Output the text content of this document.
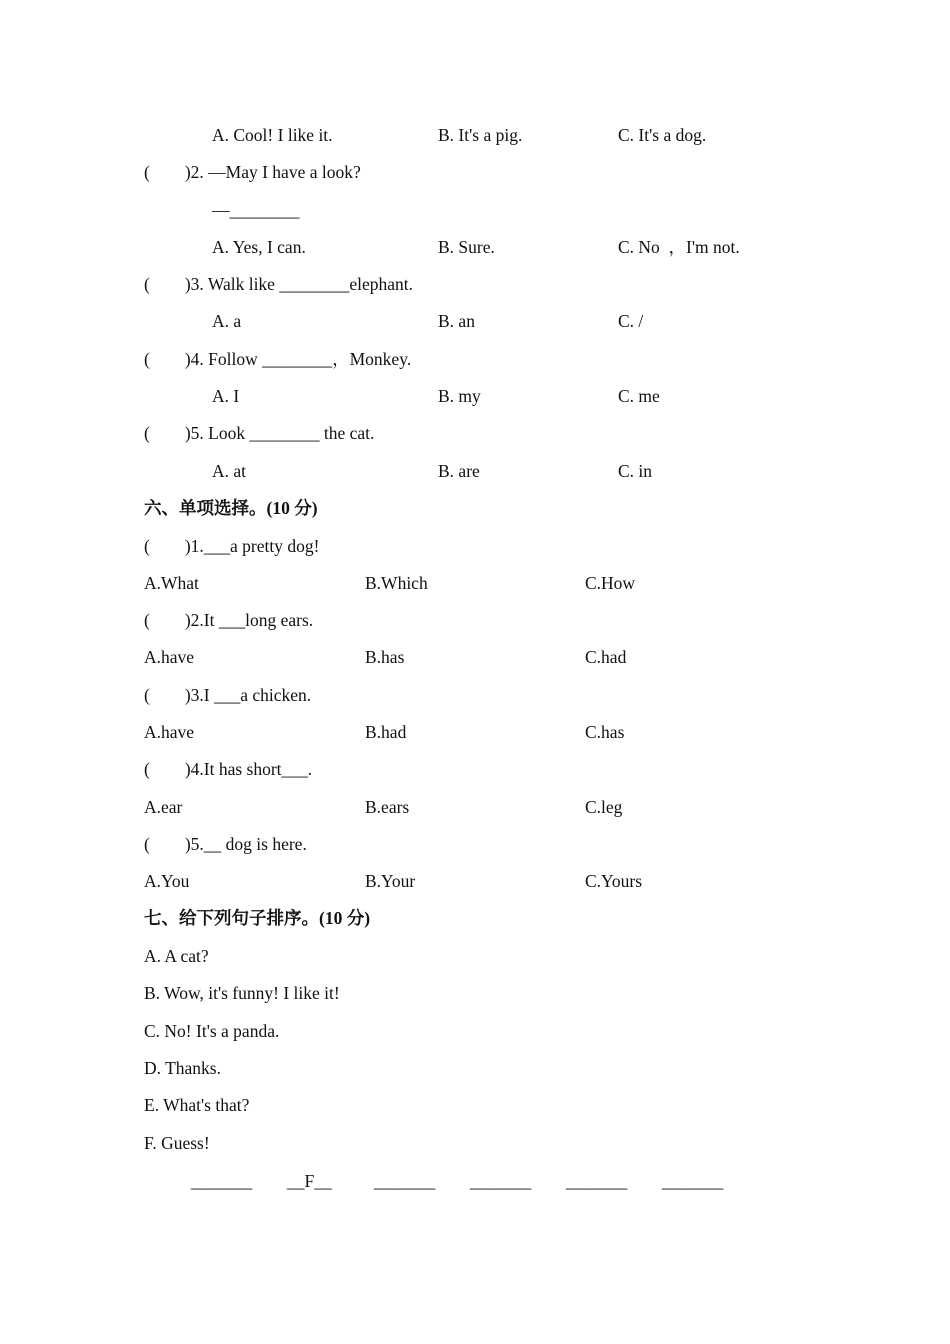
A. Cool! I like it.	B. It's a pig.	C. It's a dog.
(        )2. —May I have a look?
—________
A. Yes, I can.	B. Sure.	C. No  ，I'm not.
(        )3. Walk like ________elephant.
A. a	B. an	C. /
(        )4. Follow ________，Monkey.
A. I	B. my	C. me
(        )5. Look ________ the cat.
A. at	B. are	C. in
六、单项选择。(10 分)
(        )1.___a pretty dog!
A.What	B.Which	C.How
(        )2.It ___long ears.
A.have	B.has	C.had
(        )3.I ___a chicken.
A.have	B.had	C.has
(        )4.It has short___.
A.ear	B.ears	C.leg
(        )5.__ dog is here.
A.You	B.Your	C.Yours
七、给下列句子排序。(10 分)
A. A cat?
B. Wow, it's funny! I like it!
C. No! It's a panda.
D. Thanks.
E. What's that?
F. Guess!
_______ __F__ _______ _______ _______ _______
